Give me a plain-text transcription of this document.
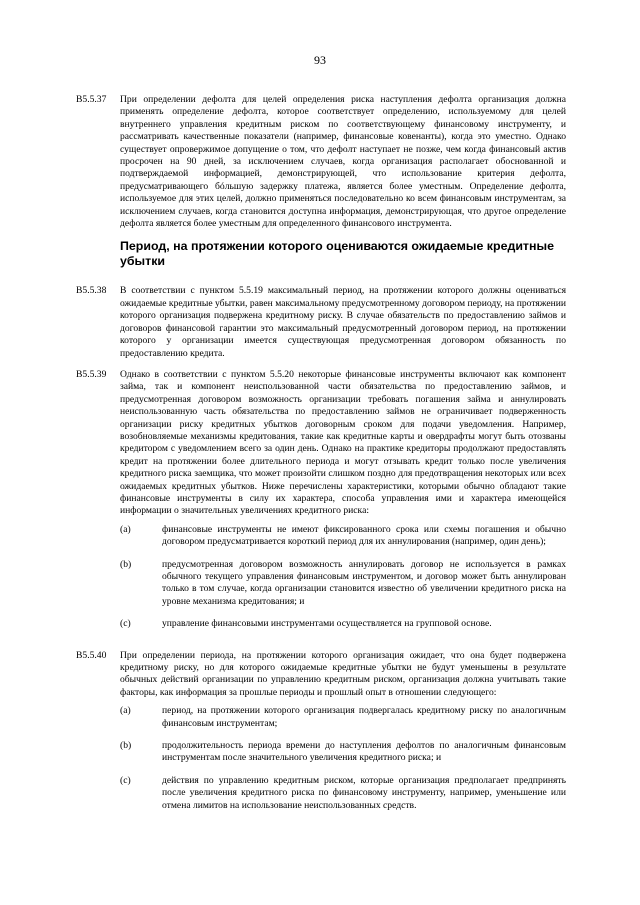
93
B5.5.37	При определении дефолта для целей определения риска наступления дефолта организация должна применять определение дефолта, которое соответствует определению, используемому для целей внутреннего управления кредитным риском по соответствующему финансовому инструменту, и рассматривать качественные показатели (например, финансовые ковенанты), когда это уместно. Однако существует опровержимое допущение о том, что дефолт наступает не позже, чем когда финансовый актив просрочен на 90 дней, за исключением случаев, когда организация располагает обоснованной и подтверждаемой информацией, демонстрирующей, что использование критерия дефолта, предусматривающего бóльшую задержку платежа, является более уместным. Определение дефолта, используемое для этих целей, должно применяться последовательно ко всем финансовым инструментам, за исключением случаев, когда становится доступна информация, демонстрирующая, что другое определение дефолта является более уместным для определенного финансового инструмента.
Период, на протяжении которого оцениваются ожидаемые кредитные убытки
B5.5.38	В соответствии с пунктом 5.5.19 максимальный период, на протяжении которого должны оцениваться ожидаемые кредитные убытки, равен максимальному предусмотренному договором периоду, на протяжении которого организация подвержена кредитному риску. В случае обязательств по предоставлению займов и договоров финансовой гарантии это максимальный предусмотренный договором период, на протяжении которого у организации имеется существующая предусмотренная договором обязанность по предоставлению кредита.
B5.5.39	Однако в соответствии с пунктом 5.5.20 некоторые финансовые инструменты включают как компонент займа, так и компонент неиспользованной части обязательства по предоставлению займов, и предусмотренная договором возможность организации требовать погашения займа и аннулировать неиспользованную часть обязательства по предоставлению займов не ограничивает подверженность организации риску кредитных убытков договорным сроком для подачи уведомления. Например, возобновляемые механизмы кредитования, такие как кредитные карты и овердрафты могут быть отозваны кредитором с уведомлением всего за один день. Однако на практике кредиторы продолжают предоставлять кредит на протяжении более длительного периода и могут отзывать кредит только после увеличения кредитного риска заемщика, что может произойти слишком поздно для предотвращения некоторых или всех ожидаемых кредитных убытков. Ниже перечислены характеристики, которыми обычно обладают такие финансовые инструменты в силу их характера, способа управления ими и характера имеющейся информации о значительных увеличениях кредитного риска:
(a)	финансовые инструменты не имеют фиксированного срока или схемы погашения и обычно договором предусматривается короткий период для их аннулирования (например, один день);
(b)	предусмотренная договором возможность аннулировать договор не используется в рамках обычного текущего управления финансовым инструментом, и договор может быть аннулирован только в том случае, когда организации становится известно об увеличении кредитного риска на уровне механизма кредитования; и
(c)	управление финансовыми инструментами осуществляется на групповой основе.
B5.5.40	При определении периода, на протяжении которого организация ожидает, что она будет подвержена кредитному риску, но для которого ожидаемые кредитные убытки не будут уменьшены в результате обычных действий организации по управлению кредитным риском, организация должна учитывать такие факторы, как информация за прошлые периоды и прошлый опыт в отношении следующего:
(a)	период, на протяжении которого организация подвергалась кредитному риску по аналогичным финансовым инструментам;
(b)	продолжительность периода времени до наступления дефолтов по аналогичным финансовым инструментам после значительного увеличения кредитного риска; и
(c)	действия по управлению кредитным риском, которые организация предполагает предпринять после увеличения кредитного риска по финансовому инструменту, например, уменьшение или отмена лимитов на использование неиспользованных средств.
